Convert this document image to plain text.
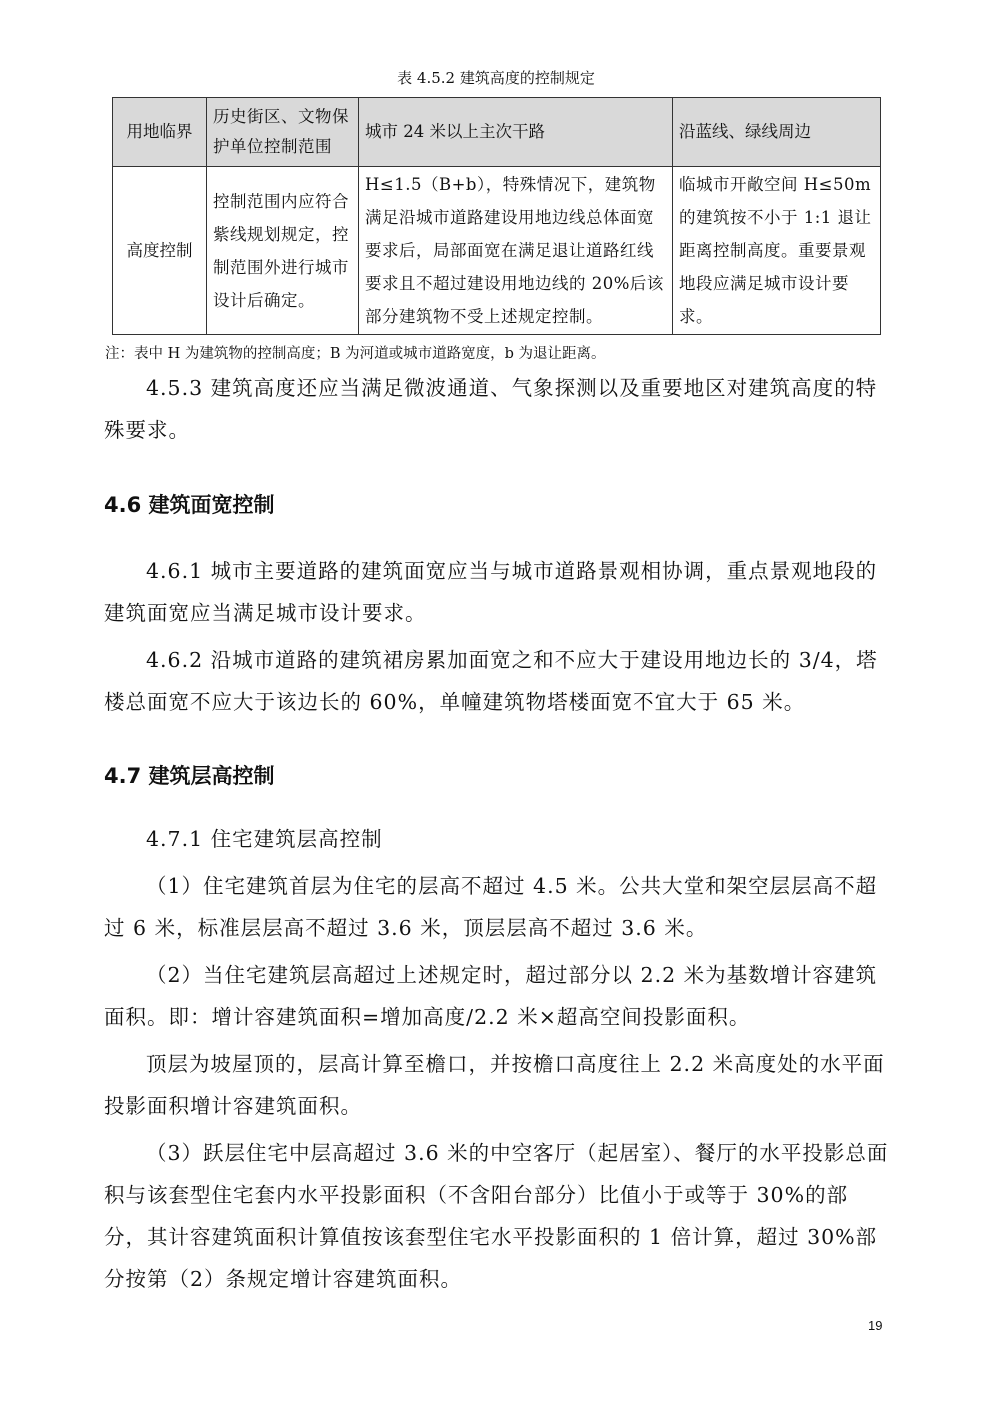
表 4.5.2 建筑高度的控制规定
用地临界	历史街区、文物保护单位控制范围	城市 24 米以上主次干路	沿蓝线、绿线周边
高度控制	控制范围内应符合紫线规划规定，控制范围外进行城市设计后确定。	H≤1.5（B+b），特殊情况下，建筑物满足沿城市道路建设用地边线总体面宽要求后，局部面宽在满足退让道路红线要求且不超过建设用地边线的 20%后该部分建筑物不受上述规定控制。	临城市开敞空间 H≤50m 的建筑按不小于 1:1 退让距离控制高度。重要景观地段应满足城市设计要求。
注：表中 H 为建筑物的控制高度；B 为河道或城市道路宽度，b 为退让距离。

4.5.3 建筑高度还应当满足微波通道、气象探测以及重要地区对建筑高度的特殊要求。

4.6 建筑面宽控制

4.6.1 城市主要道路的建筑面宽应当与城市道路景观相协调，重点景观地段的建筑面宽应当满足城市设计要求。

4.6.2 沿城市道路的建筑裙房累加面宽之和不应大于建设用地边长的 3/4，塔楼总面宽不应大于该边长的 60%，单幢建筑物塔楼面宽不宜大于 65 米。

4.7 建筑层高控制

4.7.1 住宅建筑层高控制

（1）住宅建筑首层为住宅的层高不超过 4.5 米。公共大堂和架空层层高不超过 6 米，标准层层高不超过 3.6 米，顶层层高不超过 3.6 米。

（2）当住宅建筑层高超过上述规定时，超过部分以 2.2 米为基数增计容建筑面积。即：增计容建筑面积=增加高度/2.2 米×超高空间投影面积。

顶层为坡屋顶的，层高计算至檐口，并按檐口高度往上 2.2 米高度处的水平面投影面积增计容建筑面积。

（3）跃层住宅中层高超过 3.6 米的中空客厅（起居室）、餐厅的水平投影总面积与该套型住宅套内水平投影面积（不含阳台部分）比值小于或等于 30%的部分，其计容建筑面积计算值按该套型住宅水平投影面积的 1 倍计算，超过 30%部分按第（2）条规定增计容建筑面积。

19
